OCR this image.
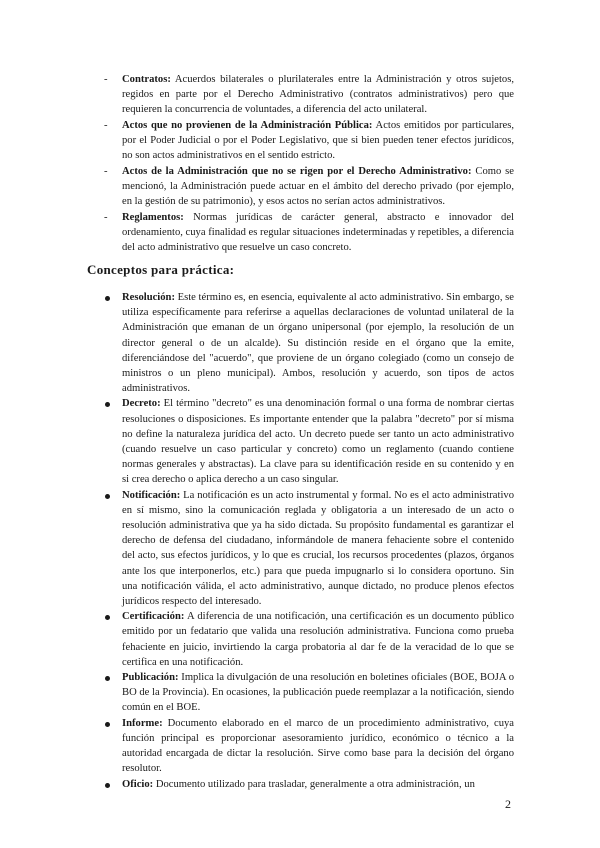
- Contratos: Acuerdos bilaterales o plurilaterales entre la Administración y otros sujetos, regidos en parte por el Derecho Administrativo (contratos administrativos) pero que requieren la concurrencia de voluntades, a diferencia del acto unilateral.
- Actos que no provienen de la Administración Pública: Actos emitidos por particulares, por el Poder Judicial o por el Poder Legislativo, que si bien pueden tener efectos jurídicos, no son actos administrativos en el sentido estricto.
- Actos de la Administración que no se rigen por el Derecho Administrativo: Como se mencionó, la Administración puede actuar en el ámbito del derecho privado (por ejemplo, en la gestión de su patrimonio), y esos actos no serían actos administrativos.
- Reglamentos: Normas jurídicas de carácter general, abstracto e innovador del ordenamiento, cuya finalidad es regular situaciones indeterminadas y repetibles, a diferencia del acto administrativo que resuelve un caso concreto.
Conceptos para práctica:
Resolución: Este término es, en esencia, equivalente al acto administrativo. Sin embargo, se utiliza específicamente para referirse a aquellas declaraciones de voluntad unilateral de la Administración que emanan de un órgano unipersonal (por ejemplo, la resolución de un director general o de un alcalde). Su distinción reside en el órgano que la emite, diferenciándose del "acuerdo", que proviene de un órgano colegiado (como un consejo de ministros o un pleno municipal). Ambos, resolución y acuerdo, son tipos de actos administrativos.
Decreto: El término "decreto" es una denominación formal o una forma de nombrar ciertas resoluciones o disposiciones. Es importante entender que la palabra "decreto" por sí misma no define la naturaleza jurídica del acto. Un decreto puede ser tanto un acto administrativo (cuando resuelve un caso particular y concreto) como un reglamento (cuando contiene normas generales y abstractas). La clave para su identificación reside en su contenido y en si crea derecho o aplica derecho a un caso singular.
Notificación: La notificación es un acto instrumental y formal. No es el acto administrativo en sí mismo, sino la comunicación reglada y obligatoria a un interesado de un acto o resolución administrativa que ya ha sido dictada. Su propósito fundamental es garantizar el derecho de defensa del ciudadano, informándole de manera fehaciente sobre el contenido del acto, sus efectos jurídicos, y lo que es crucial, los recursos procedentes (plazos, órganos ante los que interponerlos, etc.) para que pueda impugnarlo si lo considera oportuno. Sin una notificación válida, el acto administrativo, aunque dictado, no produce plenos efectos jurídicos respecto del interesado.
Certificación: A diferencia de una notificación, una certificación es un documento público emitido por un fedatario que valida una resolución administrativa. Funciona como prueba fehaciente en juicio, invirtiendo la carga probatoria al dar fe de la veracidad de lo que se certifica en una notificación.
Publicación: Implica la divulgación de una resolución en boletines oficiales (BOE, BOJA o BO de la Provincia). En ocasiones, la publicación puede reemplazar a la notificación, siendo común en el BOE.
Informe: Documento elaborado en el marco de un procedimiento administrativo, cuya función principal es proporcionar asesoramiento jurídico, económico o técnico a la autoridad encargada de dictar la resolución. Sirve como base para la decisión del órgano resolutor.
Oficio: Documento utilizado para trasladar, generalmente a otra administración, un
2
